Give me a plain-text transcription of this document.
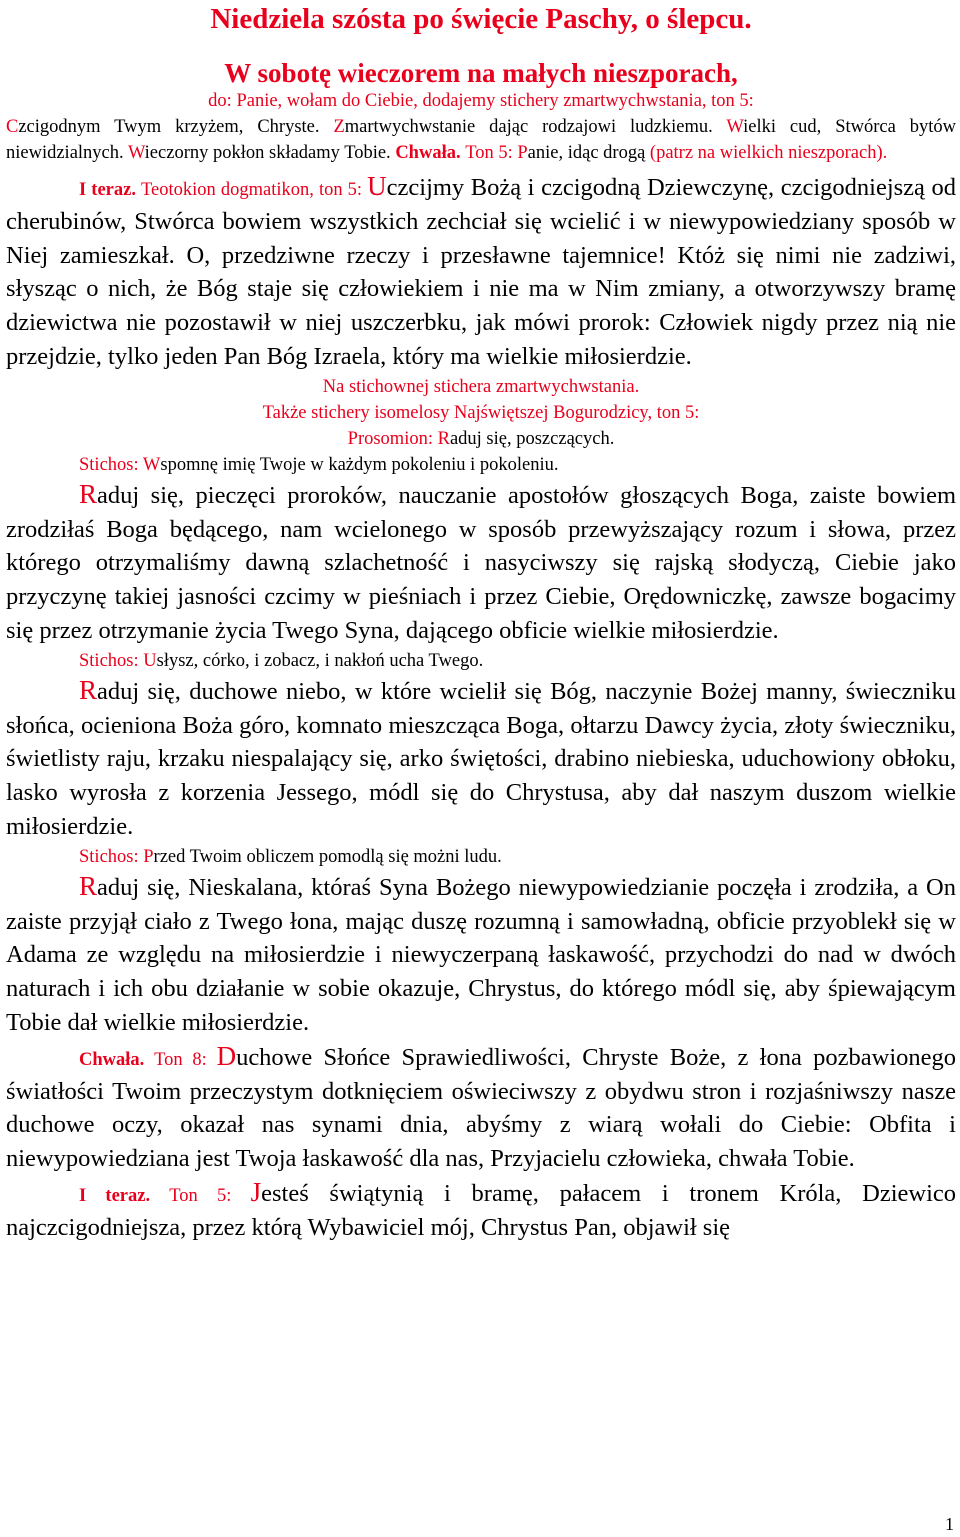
Niedziela szósta po święcie Paschy, o ślepcu.
W sobotę wieczorem na małych nieszporach,
do: Panie, wołam do Ciebie, dodajemy stichery zmartwychwstania, ton 5:
Czcigodnym Twym krzyżem, Chryste. Zmartwychwstanie dając rodzajowi ludzkiemu. Wielki cud, Stwórca bytów niewidzialnych. Wieczorny pokłon składamy Tobie. Chwała. Ton 5: Panie, idąc drogą (patrz na wielkich nieszporach).
I teraz. Teotokion dogmatikon, ton 5: Uczcijmy Bożą i czcigodną Dziewczynę, czcigodniejszą od cherubinów, Stwórca bowiem wszystkich zechciał się wcielić i w niewypowiedziany sposób w Niej zamieszkał. O, przedziwne rzeczy i przesławne tajemnice! Któż się nimi nie zadziwi, słysząc o nich, że Bóg staje się człowiekiem i nie ma w Nim zmiany, a otworzywszy bramę dziewictwa nie pozostawił w niej uszczerbku, jak mówi prorok: Człowiek nigdy przez nią nie przejdzie, tylko jeden Pan Bóg Izraela, który ma wielkie miłosierdzie.
Na stichownej stichera zmartwychwstania.
Także stichery isomelosy Najświętszej Bogurodzicy, ton 5:
Prosomion: Raduj się, poszczących.
Stichos: Wspomnę imię Twoje w każdym pokoleniu i pokoleniu.
Raduj się, pieczęci proroków, nauczanie apostołów głoszących Boga, zaiste bowiem zrodziłaś Boga będącego, nam wcielonego w sposób przewyższający rozum i słowa, przez którego otrzymaliśmy dawną szlachetność i nasyciwszy się rajską słodyczą, Ciebie jako przyczynę takiej jasności czcimy w pieśniach i przez Ciebie, Orędowniczkę, zawsze bogacimy się przez otrzymanie życia Twego Syna, dającego obficie wielkie miłosierdzie.
Stichos: Usłysz, córko, i zobacz, i nakłoń ucha Twego.
Raduj się, duchowe niebo, w które wcielił się Bóg, naczynie Bożej manny, świeczniku słońca, ocieniona Boża góro, komnato mieszcząca Boga, ołtarzu Dawcy życia, złoty świeczniku, świetlisty raju, krzaku niespalający się, arko świętości, drabino niebieska, uduchowiony obłoku, lasko wyrosła z korzenia Jessego, módl się do Chrystusa, aby dał naszym duszom wielkie miłosierdzie.
Stichos: Przed Twoim obliczem pomodlą się możni ludu.
Raduj się, Nieskalana, któraś Syna Bożego niewypowiedzianie poczęła i zrodziła, a On zaiste przyjął ciało z Twego łona, mając duszę rozumną i samowładną, obficie przyoblekł się w Adama ze względu na miłosierdzie i niewyczerpaną łaskawość, przychodzi do nad w dwóch naturach i ich obu działanie w sobie okazuje, Chrystus, do którego módl się, aby śpiewającym Tobie dał wielkie miłosierdzie.
Chwała. Ton 8: Duchowe Słońce Sprawiedliwości, Chryste Boże, z łona pozbawionego światłości Twoim przeczystym dotknięciem oświeciwszy z obydwu stron i rozjaśniwszy nasze duchowe oczy, okazał nas synami dnia, abyśmy z wiarą wołali do Ciebie: Obfita i niewypowiedziana jest Twoja łaskawość dla nas, Przyjacielu człowieka, chwała Tobie.
I teraz. Ton 5: Jesteś świątynią i bramę, pałacem i tronem Króla, Dziewico najczcigodniejsza, przez którą Wybawiciel mój, Chrystus Pan, objawił się
1
